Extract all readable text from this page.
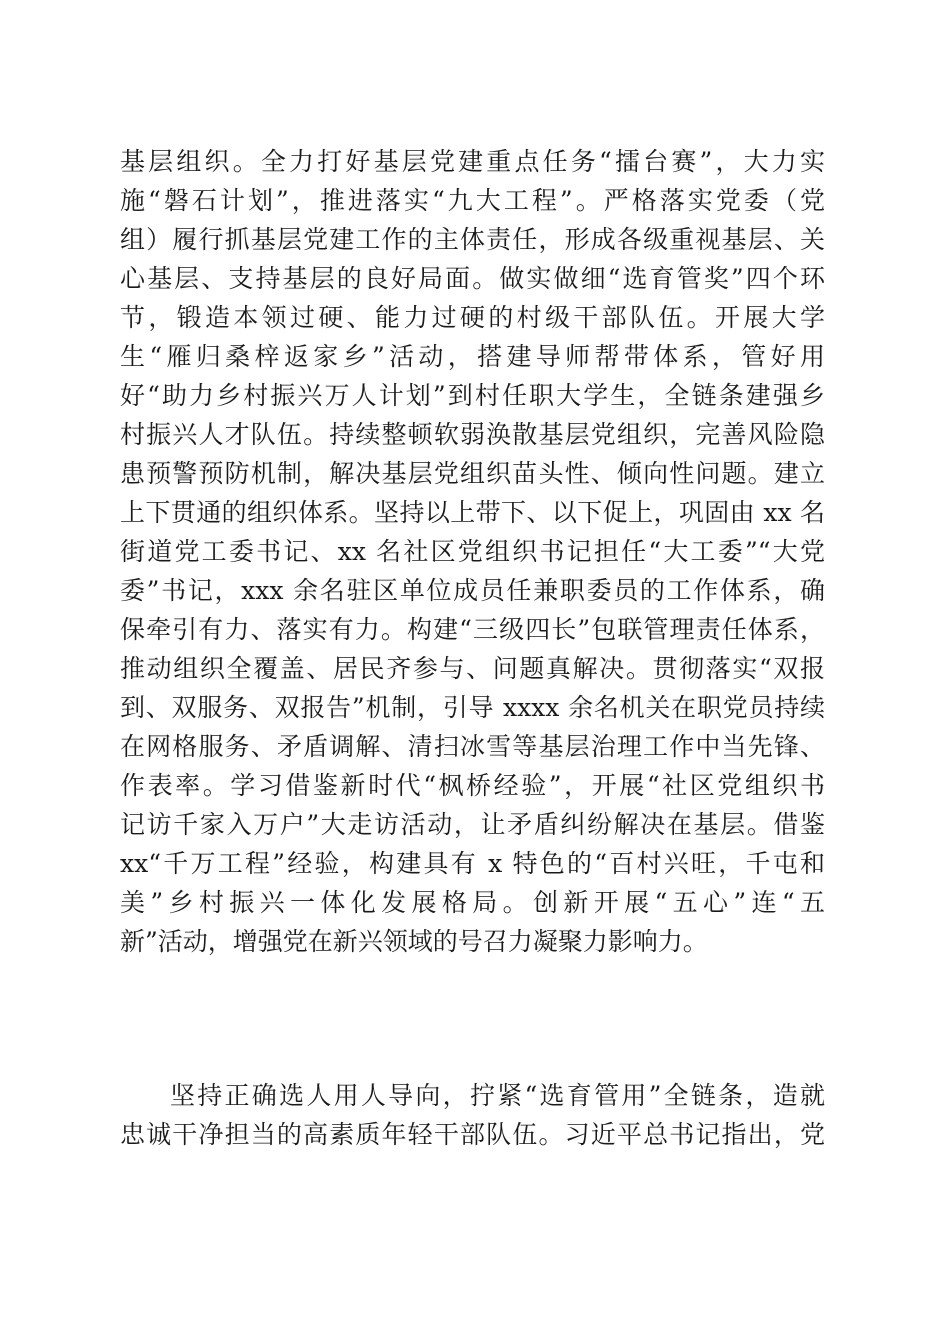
基层组织。全力打好基层党建重点任务“擂台赛”，大力实
施“磐石计划”，推进落实“九大工程”。严格落实党委（党
组）履行抓基层党建工作的主体责任，形成各级重视基层、关
心基层、支持基层的良好局面。做实做细“选育管奖”四个环
节，锻造本领过硬、能力过硬的村级干部队伍。开展大学
生“雁归桑梓返家乡”活动，搭建导师帮带体系，管好用
好“助力乡村振兴万人计划”到村任职大学生，全链条建强乡
村振兴人才队伍。持续整顿软弱涣散基层党组织，完善风险隐
患预警预防机制，解决基层党组织苗头性、倾向性问题。建立
上下贯通的组织体系。坚持以上带下、以下促上，巩固由 xx 名
街道党工委书记、xx 名社区党组织书记担任“大工委”“大党
委”书记，xxx 余名驻区单位成员任兼职委员的工作体系，确
保牵引有力、落实有力。构建“三级四长”包联管理责任体系，
推动组织全覆盖、居民齐参与、问题真解决。贯彻落实“双报
到、双服务、双报告”机制，引导 xxxx 余名机关在职党员持续
在网格服务、矛盾调解、清扫冰雪等基层治理工作中当先锋、
作表率。学习借鉴新时代“枫桥经验”，开展“社区党组织书
记访千家入万户”大走访活动，让矛盾纠纷解决在基层。借鉴
xx“千万工程”经验，构建具有 x 特色的“百村兴旺，千屯和
美”乡村振兴一体化发展格局。创新开展“五心”连“五
新”活动，增强党在新兴领域的号召力凝聚力影响力。
坚持正确选人用人导向，拧紧“选育管用”全链条，造就
忠诚干净担当的高素质年轻干部队伍。习近平总书记指出，党
